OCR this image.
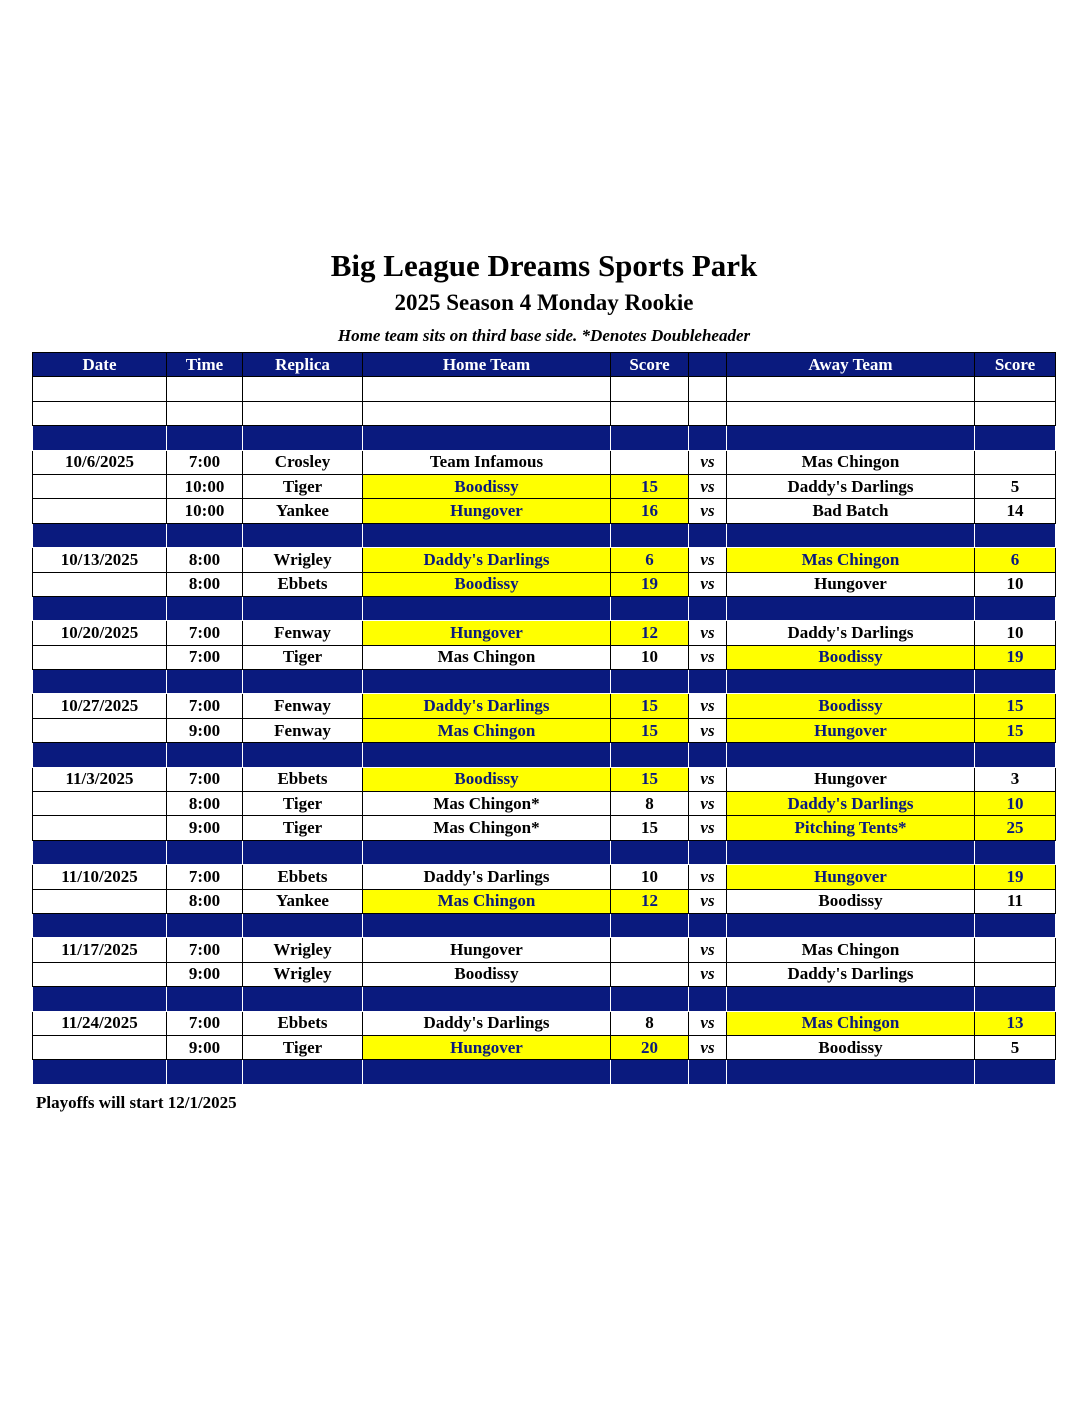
Big League Dreams Sports Park
2025 Season 4 Monday Rookie
Home team sits on third base side. *Denotes Doubleheader
Date	Time	Replica	Home Team	Score		Away Team	Score

10/6/2025	7:00	Crosley	Team Infamous		vs	Mas Chingon	
	10:00	Tiger	Boodissy	15	vs	Daddy's Darlings	5
	10:00	Yankee	Hungover	16	vs	Bad Batch	14

10/13/2025	8:00	Wrigley	Daddy's Darlings	6	vs	Mas Chingon	6
	8:00	Ebbets	Boodissy	19	vs	Hungover	10

10/20/2025	7:00	Fenway	Hungover	12	vs	Daddy's Darlings	10
	7:00	Tiger	Mas Chingon	10	vs	Boodissy	19

10/27/2025	7:00	Fenway	Daddy's Darlings	15	vs	Boodissy	15
	9:00	Fenway	Mas Chingon	15	vs	Hungover	15

11/3/2025	7:00	Ebbets	Boodissy	15	vs	Hungover	3
	8:00	Tiger	Mas Chingon*	8	vs	Daddy's Darlings	10
	9:00	Tiger	Mas Chingon*	15	vs	Pitching Tents*	25

11/10/2025	7:00	Ebbets	Daddy's Darlings	10	vs	Hungover	19
	8:00	Yankee	Mas Chingon	12	vs	Boodissy	11

11/17/2025	7:00	Wrigley	Hungover		vs	Mas Chingon	
	9:00	Wrigley	Boodissy		vs	Daddy's Darlings	

11/24/2025	7:00	Ebbets	Daddy's Darlings	8	vs	Mas Chingon	13
	9:00	Tiger	Hungover	20	vs	Boodissy	5

Playoffs will start 12/1/2025
